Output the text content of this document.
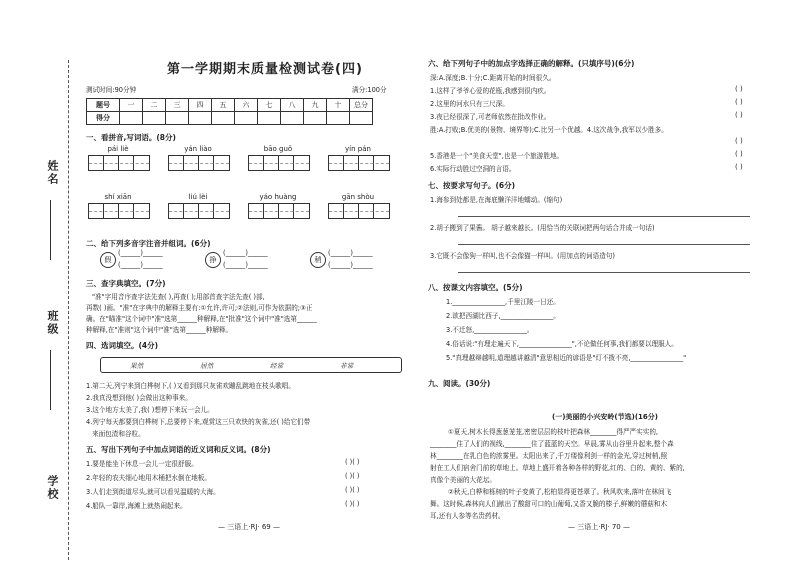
姓名
班级
学校
第一学期期末质量检测试卷(四)
测试时间:90分钟	满分:100分
题号	一	二	三	四	五	六	七	八	九	十	总分
得分											
一、看拼音,写词语。(8分)
pái liè	yán liào	bāo guǒ	yín pán
shí xiān	liú lèi	yáo huàng	gān shòu
二、给下列多音字注音并组词。(6分)
假
(______)______
(______)______
挣
(______)______
(______)______
稍
(______)______
(______)______
三、查字典填空。(7分)
"准"字用音序查字法先查( ),再查( );用部首查字法先查( )部,
再数( )画。"准"在字典中的解释主要有:①允许,许可;②法则,可作为依据的;③正
确。在"瞄准"这个词中"准"选第______种解释,在"批准"这个词中"准"选第______
种解释,在"准则"这个词中"准"选第______种解释。
四、选词填空。(4分)
果然	居然	经常	非常
1.第二天,列宁来到白桦树下,( )又看到那只灰雀欢蹦乱跳地在枝头歌唱。
2.我真没想到他( )会做出这种事来。
3.这个地方太美了,我( )想停下来玩一会儿。
4.列宁每天都要到白桦树下,总要停下来,观赏这三只欢快的灰雀,还( )给它们带
来面包渣和谷粒。
五、写出下列句子中加点词语的近义词和反义词。(8分)
1.要是能坐下休息一会儿一定很舒服。	( )( )
2.年轻的农夫细心地用木桶把水倒在地板。	( )( )
3.人们走到街道尽头,就可以看见温暖的大海。	( )( )
4.船队一靠岸,海滩上就热闹起来。	( )( )
— 三语上·RJ· 69 —
六、给下列句子中的加点字选择正确的解释。(只填序号)(6分)
深:A.深度;B.十分;C.距离开始的时间很久。
1.这样了爷爷心爱的花瓶,我感到很内疚。	( )
2.这里的河水只有三尺深。	( )
3.夜已经很深了,可老师依然在批改作业。	( )
胜:A.打败;B.优美的(景物、境界等);C.比另一个优越。4.这次战争,我军以少胜多。
( )
5.香港是一个"美食天堂",也是一个旅游胜地。	( )
6.实际行动胜过空洞的言语。	( )
七、按要求写句子。(6分)
1.海参到处都是,在海底懒洋洋地蠕动。(缩句)
2.胡子搬到了果酱。 胡子越来越长。(用恰当的关联词把两句话合并成一句话)
3.它既不会像狗一样叫,也不会像猫一样叫。(用加点的词语造句)
八、按课文内容填空。(5分)
1.________________,千里江陵一日还。
2.欲把西湖比西子,________________。
3.不迁怒,________________。
4.俗话说:"有理走遍天下,________________",不论做任何事,我们都要以理服人。
5."真理越辩越明,道理越讲越清"意思相近的谚语是"灯不拨不亮,________________"
九、阅读。(30分)
(一)美丽的小兴安岭(节选)(16分)
①夏天,树木长得葱葱茏茏,密密层层的枝叶把森林________得严严实实的,
________住了人们的视线,________住了蓝蓝的天空。早晨,雾从山谷里升起来,整个森
林________在乳白色的浓雾里。太阳出来了,千万缕像利剑一样的金光,穿过树梢,照
射在工人们宿舍门前的草地上。草地上盛开着各种各样的野花,红的、白的、黄的、紫的,
真像个美丽的大花坛。
②秋天,白桦和栎树的叶子变黄了,松柏显得更苍翠了。秋风吹来,落叶在林间飞
舞。这时候,森林向人们献出了酸甜可口的山葡萄,又香又脆的榛子,鲜嫩的蘑菇和木
耳,还有人参等名贵药材。
— 三语上·RJ· 70 —
